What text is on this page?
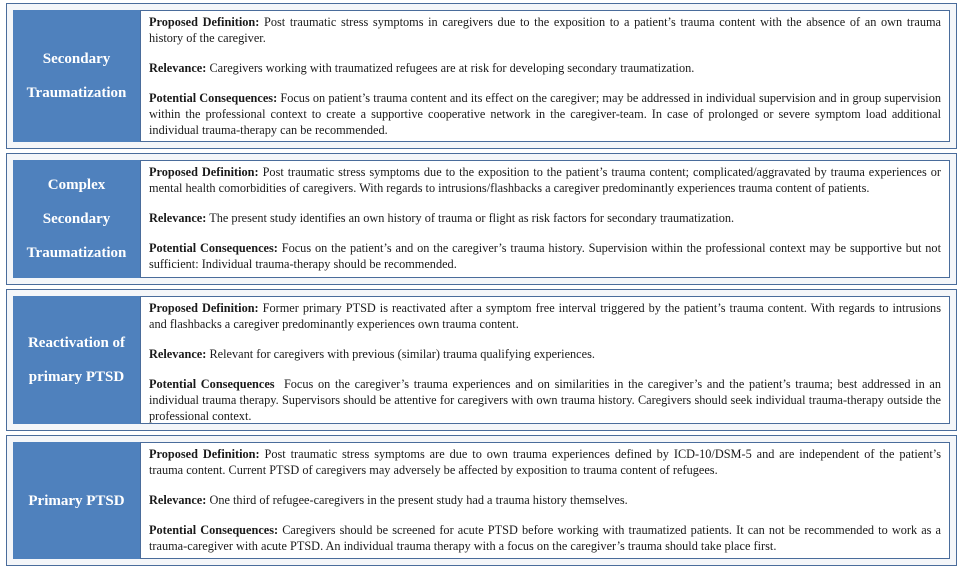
Secondary
Traumatization

Proposed Definition: Post traumatic stress symptoms in caregivers due to the exposition to a patient’s trauma content with the absence of an own trauma history of the caregiver.

Relevance: Caregivers working with traumatized refugees are at risk for developing secondary traumatization.

Potential Consequences: Focus on patient’s trauma content and its effect on the caregiver; may be addressed in individual supervision and in group supervision within the professional context to create a supportive cooperative network in the caregiver-team. In case of prolonged or severe symptom load additional individual trauma-therapy can be recommended.

Complex
Secondary
Traumatization

Proposed Definition: Post traumatic stress symptoms due to the exposition to the patient’s trauma content; complicated/aggravated by trauma experiences or mental health comorbidities of caregivers. With regards to intrusions/flashbacks a caregiver predominantly experiences trauma content of patients.

Relevance: The present study identifies an own history of trauma or flight as risk factors for secondary traumatization.

Potential Consequences: Focus on the patient’s and on the caregiver’s trauma history. Supervision within the professional context may be supportive but not sufficient: Individual trauma-therapy should be recommended.

Reactivation of
primary PTSD

Proposed Definition: Former primary PTSD is reactivated after a symptom free interval triggered by the patient’s trauma content. With regards to intrusions and flashbacks a caregiver predominantly experiences own trauma content.

Relevance: Relevant for caregivers with previous (similar) trauma qualifying experiences.

Potential Consequences Focus on the caregiver’s trauma experiences and on similarities in the caregiver’s and the patient’s trauma; best addressed in an individual trauma therapy. Supervisors should be attentive for caregivers with own trauma history. Caregivers should seek individual trauma-therapy outside the professional context.

Primary PTSD

Proposed Definition: Post traumatic stress symptoms are due to own trauma experiences defined by ICD-10/DSM-5 and are independent of the patient’s trauma content. Current PTSD of caregivers may adversely be affected by exposition to trauma content of refugees.

Relevance: One third of refugee-caregivers in the present study had a trauma history themselves.

Potential Consequences: Caregivers should be screened for acute PTSD before working with traumatized patients. It can not be recommended to work as a trauma-caregiver with acute PTSD. An individual trauma therapy with a focus on the caregiver’s trauma should take place first.
